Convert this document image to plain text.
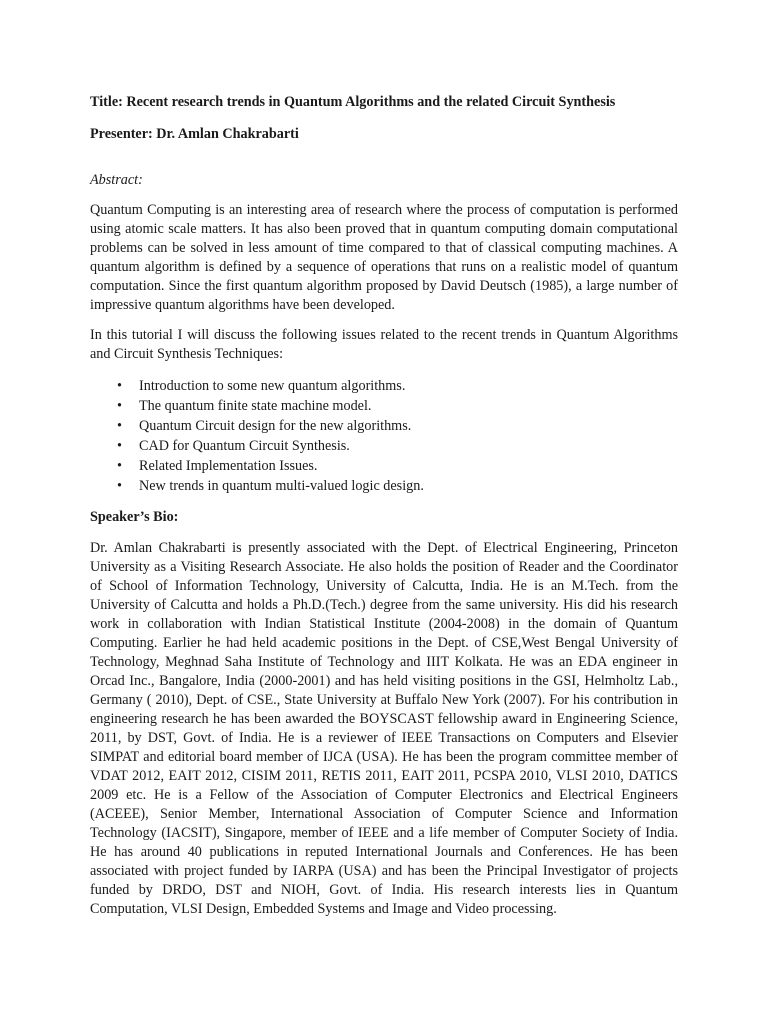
Title: Recent research trends in Quantum Algorithms and the related Circuit Synthesis

Presenter: Dr. Amlan Chakrabarti

Abstract:

Quantum Computing is an interesting area of research where the process of computation is performed using atomic scale matters. It has also been proved that in quantum computing domain computational problems can be solved in less amount of time compared to that of classical computing machines. A quantum algorithm is defined by a sequence of operations that runs on a realistic model of quantum computation. Since the first quantum algorithm proposed by David Deutsch (1985), a large number of impressive quantum algorithms have been developed.

In this tutorial I will discuss the following issues related to the recent trends in Quantum Algorithms and Circuit Synthesis Techniques:

• Introduction to some new quantum algorithms.
• The quantum finite state machine model.
• Quantum Circuit design for the new algorithms.
• CAD for Quantum Circuit Synthesis.
• Related Implementation Issues.
• New trends in quantum multi-valued logic design.

Speaker’s Bio:

Dr. Amlan Chakrabarti is presently associated with the Dept. of Electrical Engineering, Princeton University as a Visiting Research Associate. He also holds the position of Reader and the Coordinator of School of Information Technology, University of Calcutta, India. He is an M.Tech. from the University of Calcutta and holds a Ph.D.(Tech.) degree from the same university. His did his research work in collaboration with Indian Statistical Institute (2004-2008) in the domain of Quantum Computing. Earlier he had held academic positions in the Dept. of CSE,West Bengal University of Technology, Meghnad Saha Institute of Technology and IIIT Kolkata. He was an EDA engineer in Orcad Inc., Bangalore, India (2000-2001) and has held visiting positions in the GSI, Helmholtz Lab., Germany ( 2010), Dept. of CSE., State University at Buffalo New York (2007). For his contribution in engineering research he has been awarded the BOYSCAST fellowship award in Engineering Science, 2011, by DST, Govt. of India. He is a reviewer of IEEE Transactions on Computers and Elsevier SIMPAT and editorial board member of IJCA (USA). He has been the program committee member of VDAT 2012, EAIT 2012, CISIM 2011, RETIS 2011, EAIT 2011, PCSPA 2010, VLSI 2010, DATICS 2009 etc. He is a Fellow of the Association of Computer Electronics and Electrical Engineers (ACEEE), Senior Member, International Association of Computer Science and Information Technology (IACSIT), Singapore, member of IEEE and a life member of Computer Society of India. He has around 40 publications in reputed International Journals and Conferences. He has been associated with project funded by IARPA (USA) and has been the Principal Investigator of projects funded by DRDO, DST and NIOH, Govt. of India. His research interests lies in Quantum Computation, VLSI Design, Embedded Systems and Image and Video processing.
